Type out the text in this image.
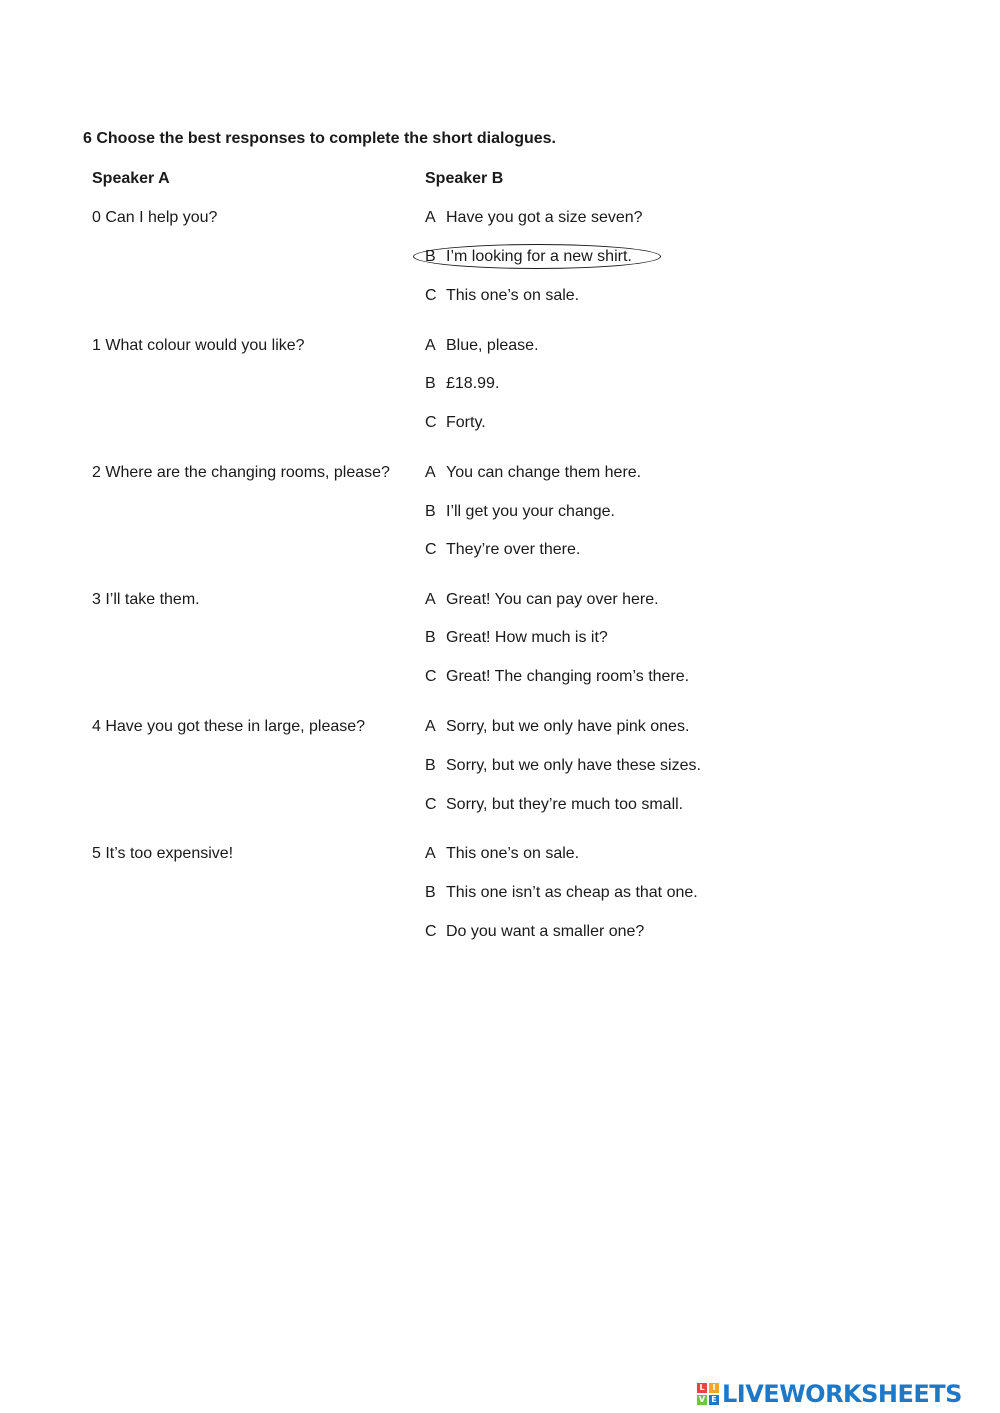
6 Choose the best responses to complete the short dialogues.
Speaker A	Speaker B
0 Can I help you?	A Have you got a size seven?
B I’m looking for a new shirt.
C This one’s on sale.
1 What colour would you like?	A Blue, please.
B £18.99.
C Forty.
2 Where are the changing rooms, please? A You can change them here.
B I’ll get you your change.
C They’re over there.
3 I’ll take them.	A Great! You can pay over here.
B Great! How much is it?
C Great! The changing room’s there.
4 Have you got these in large, please?	A Sorry, but we only have pink ones.
B Sorry, but we only have these sizes.
C Sorry, but they’re much too small.
5 It’s too expensive!	A This one’s on sale.
B This one isn’t as cheap as that one.
C Do you want a smaller one?
L I
V E LIVEWORKSHEETS
